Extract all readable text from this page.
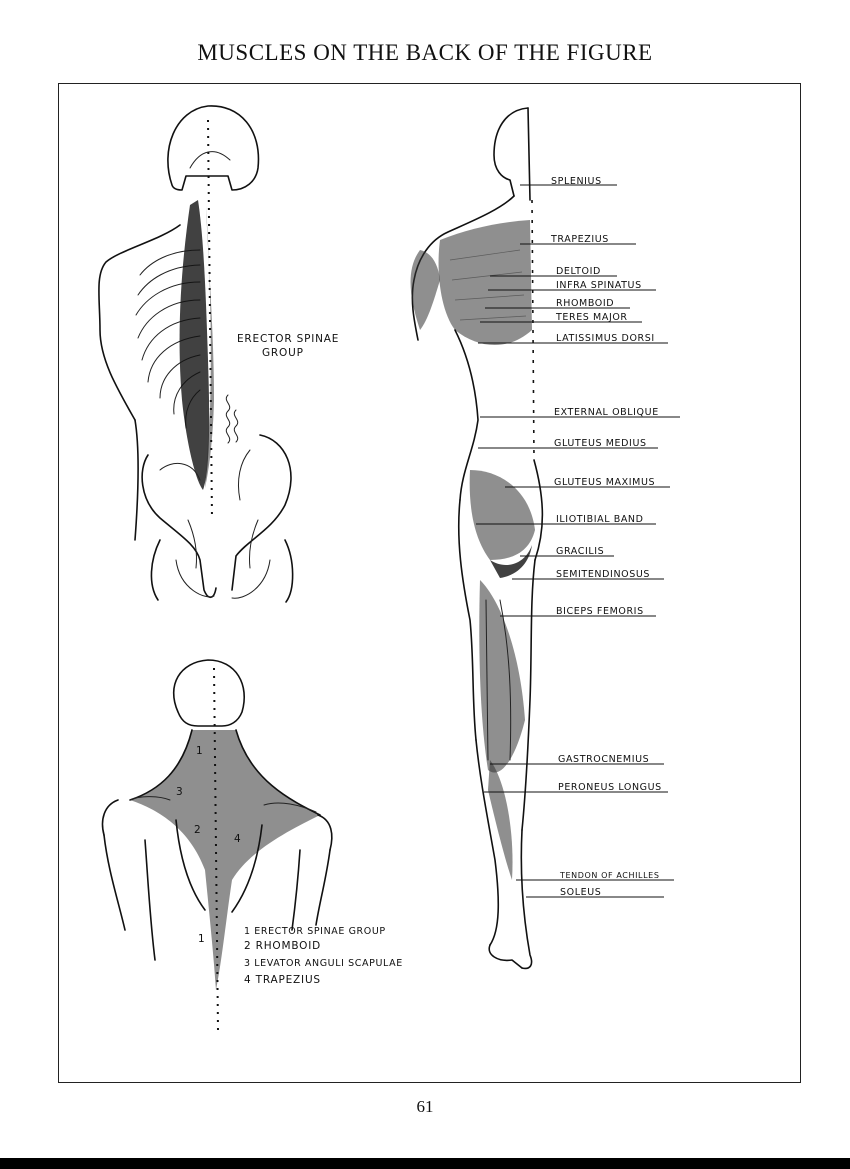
MUSCLES ON THE BACK OF THE FIGURE
ERECTOR SPINAE
GROUP
1
2
3
4
1
1 ERECTOR SPINAE GROUP
2 RHOMBOID
3 LEVATOR ANGULI SCAPULAE
4 TRAPEZIUS
SPLENIUS
TRAPEZIUS
DELTOID
INFRA SPINATUS
RHOMBOID
TERES MAJOR
LATISSIMUS DORSI
EXTERNAL OBLIQUE
GLUTEUS MEDIUS
GLUTEUS MAXIMUS
ILIOTIBIAL BAND
GRACILIS
SEMITENDINOSUS
BICEPS FEMORIS
GASTROCNEMIUS
PERONEUS LONGUS
TENDON OF ACHILLES
SOLEUS
61
